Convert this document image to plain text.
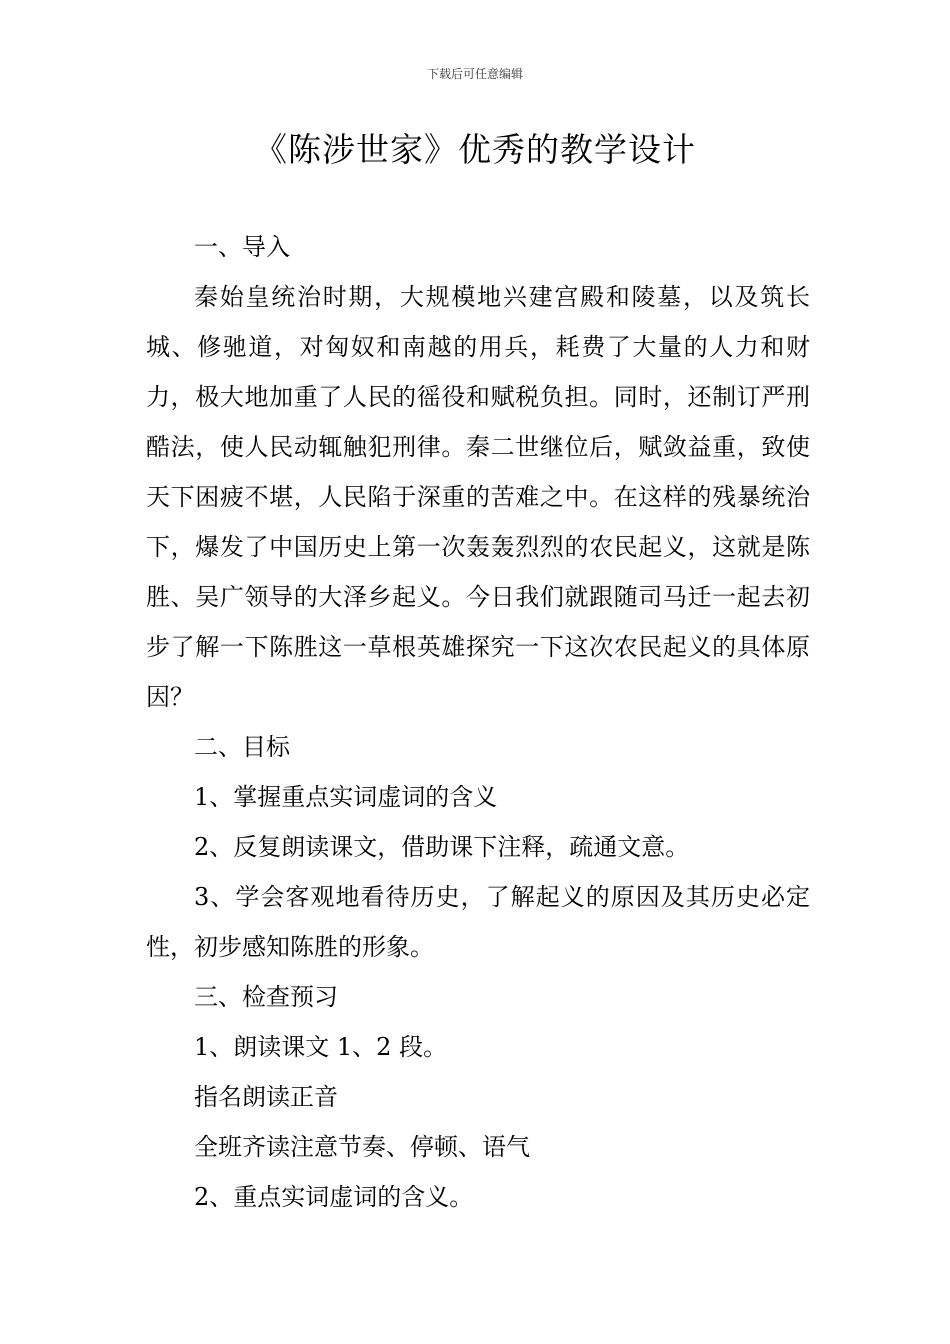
下载后可任意编辑
《陈涉世家》优秀的教学设计

一、导入

秦始皇统治时期，大规模地兴建宫殿和陵墓，以及筑长城、修驰道，对匈奴和南越的用兵，耗费了大量的人力和财力，极大地加重了人民的徭役和赋税负担。同时，还制订严刑酷法，使人民动辄触犯刑律。秦二世继位后，赋敛益重，致使天下困疲不堪，人民陷于深重的苦难之中。在这样的残暴统治下，爆发了中国历史上第一次轰轰烈烈的农民起义，这就是陈胜、吴广领导的大泽乡起义。今日我们就跟随司马迁一起去初步了解一下陈胜这一草根英雄探究一下这次农民起义的具体原因？

二、目标

1、掌握重点实词虚词的含义

2、反复朗读课文，借助课下注释，疏通文意。

3、学会客观地看待历史，了解起义的原因及其历史必定性，初步感知陈胜的形象。

三、检查预习

1、朗读课文 1、2 段。

指名朗读正音

全班齐读注意节奏、停顿、语气

2、重点实词虚词的含义。
